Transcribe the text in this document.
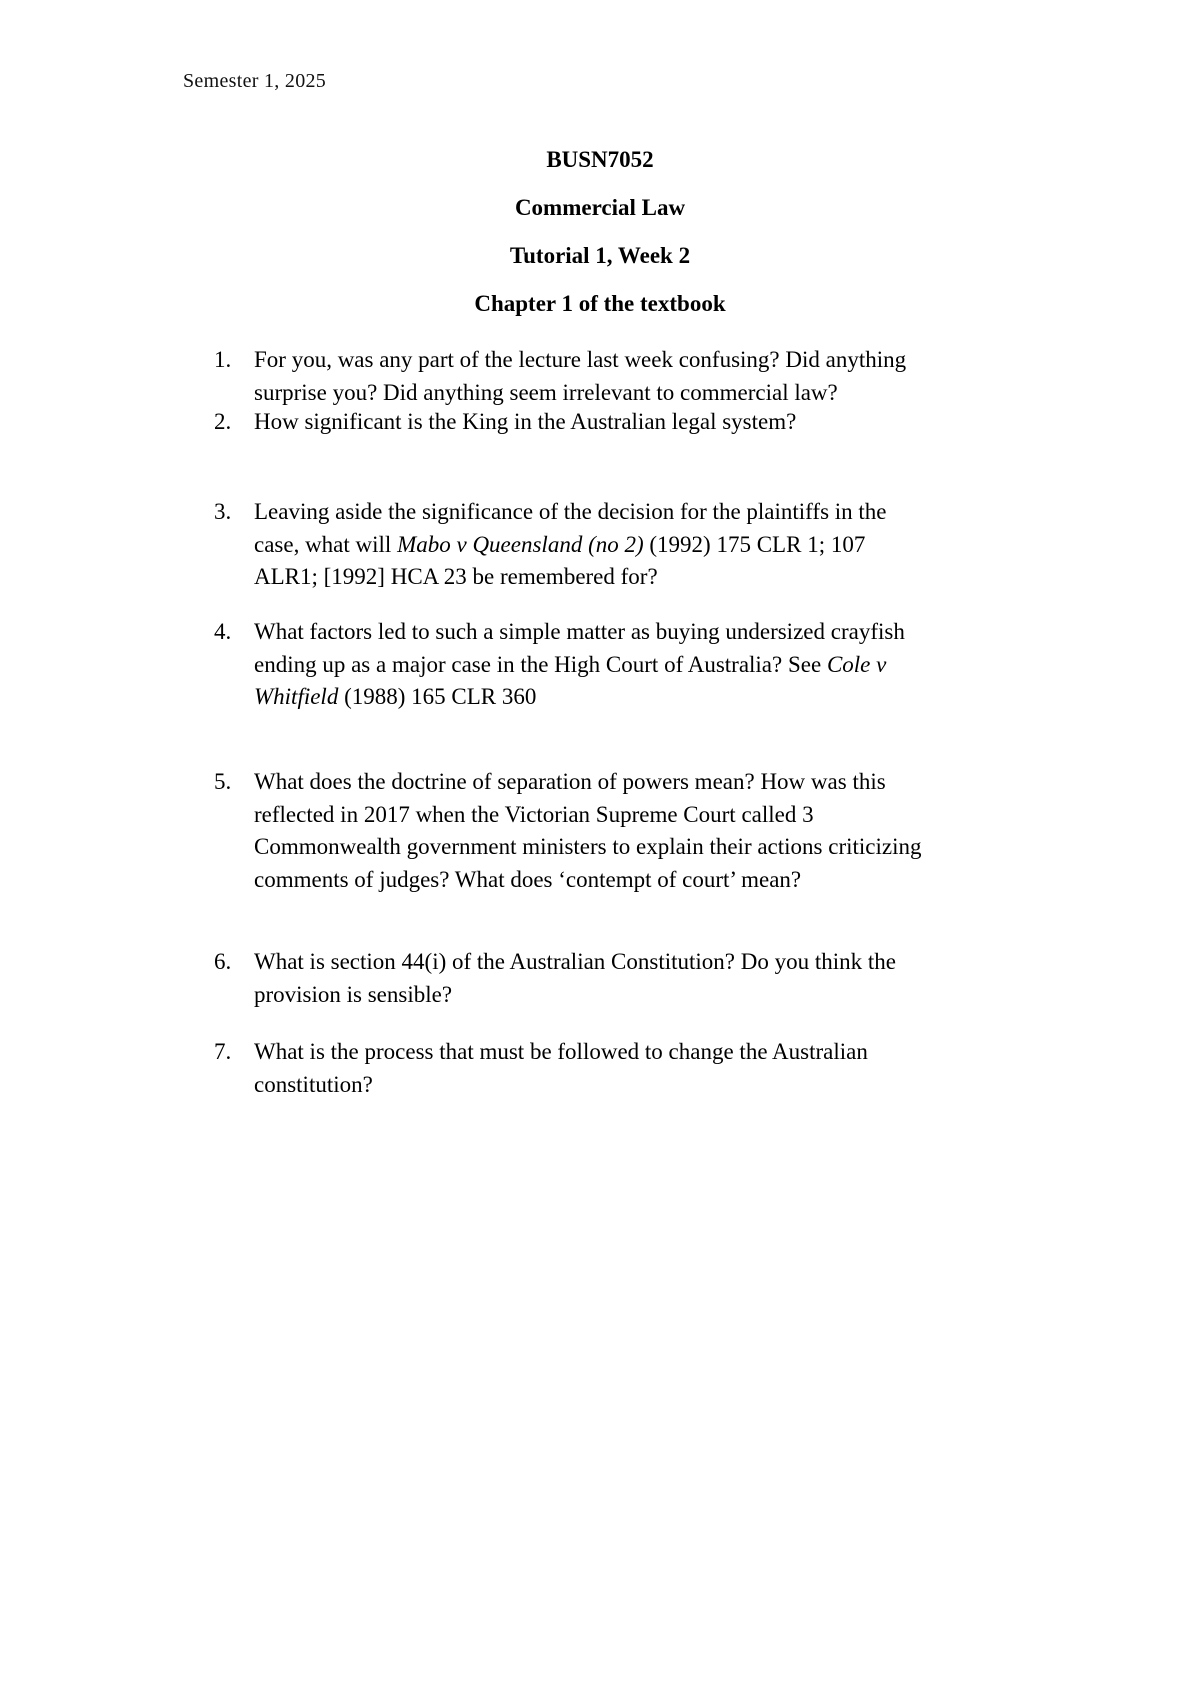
Semester 1, 2025
BUSN7052
Commercial Law
Tutorial 1, Week 2
Chapter 1 of the textbook
1. For you, was any part of the lecture last week confusing? Did anything
surprise you? Did anything seem irrelevant to commercial law?
2. How significant is the King in the Australian legal system?
3. Leaving aside the significance of the decision for the plaintiffs in the
case, what will Mabo v Queensland (no 2) (1992) 175 CLR 1; 107
ALR1; [1992] HCA 23 be remembered for?
4. What factors led to such a simple matter as buying undersized crayfish
ending up as a major case in the High Court of Australia? See Cole v
Whitfield (1988) 165 CLR 360
5. What does the doctrine of separation of powers mean? How was this
reflected in 2017 when the Victorian Supreme Court called 3
Commonwealth government ministers to explain their actions criticizing
comments of judges? What does ‘contempt of court’ mean?
6. What is section 44(i) of the Australian Constitution? Do you think the
provision is sensible?
7. What is the process that must be followed to change the Australian
constitution?
